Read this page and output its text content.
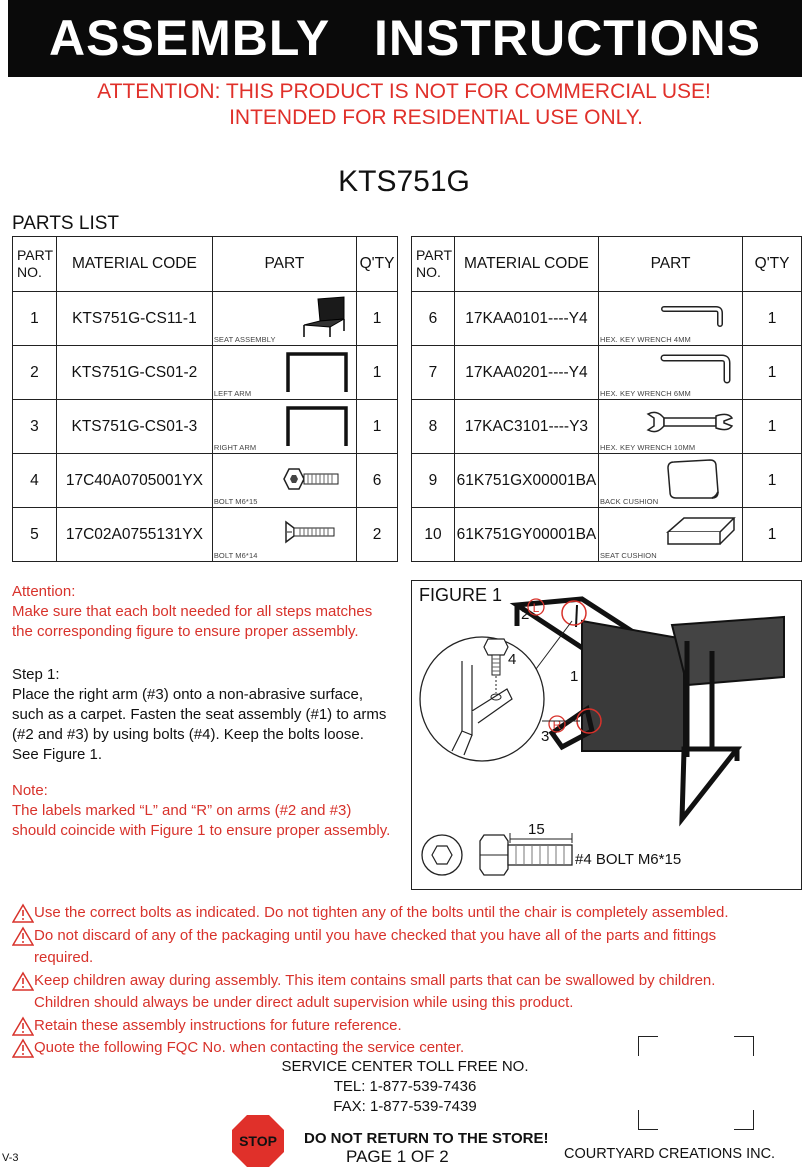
ASSEMBLY   INSTRUCTIONS
ATTENTION: THIS PRODUCT IS NOT FOR COMMERCIAL USE!
INTENDED FOR RESIDENTIAL USE ONLY.
KTS751G
PARTS LIST
PART
NO.	MATERIAL CODE	PART	Q'TY
1	KTS751G-CS11-1	SEAT ASSEMBLY	1
2	KTS751G-CS01-2	LEFT ARM	1
3	KTS751G-CS01-3	RIGHT ARM	1
4	17C40A0705001YX	BOLT M6*15	6
5	17C02A0755131YX	BOLT M6*14	2
PART
NO.	MATERIAL CODE	PART	Q'TY
6	17KAA0101----Y4	HEX. KEY WRENCH 4MM	1
7	17KAA0201----Y4	HEX. KEY WRENCH 6MM	1
8	17KAC3101----Y3	HEX. KEY WRENCH 10MM	1
9	61K751GX00001BA	BACK CUSHION	1
10	61K751GY00001BA	SEAT CUSHION	1
Attention:
Make sure that each bolt needed for all steps matches the corresponding figure to ensure proper assembly.
Step 1:
Place the right arm (#3) onto a non-abrasive surface, such as a carpet. Fasten the seat assembly (#1) to arms (#2 and #3) by using bolts (#4). Keep the bolts loose. See Figure 1.
Note:
The labels marked “L” and “R” on arms (#2 and #3) should coincide with Figure 1 to ensure proper assembly.
FIGURE 1
L
2
R
3
1
4
15
#4 BOLT M6*15
Use the correct bolts as indicated. Do not tighten any of the bolts until the chair is completely assembled.
Do not discard of any of the packaging until you have checked that you have all of the parts and fittings required.
Keep children away during assembly. This item contains small parts that can be swallowed by children. Children should always be under direct adult supervision while using this product.
Retain these assembly instructions for future reference.
Quote the following FQC No. when contacting the service center.
SERVICE CENTER TOLL FREE NO.
TEL: 1-877-539-7436
FAX: 1-877-539-7439
STOP DO NOT RETURN TO THE STORE!
PAGE 1 OF 2	COURTYARD CREATIONS INC.
V-3
